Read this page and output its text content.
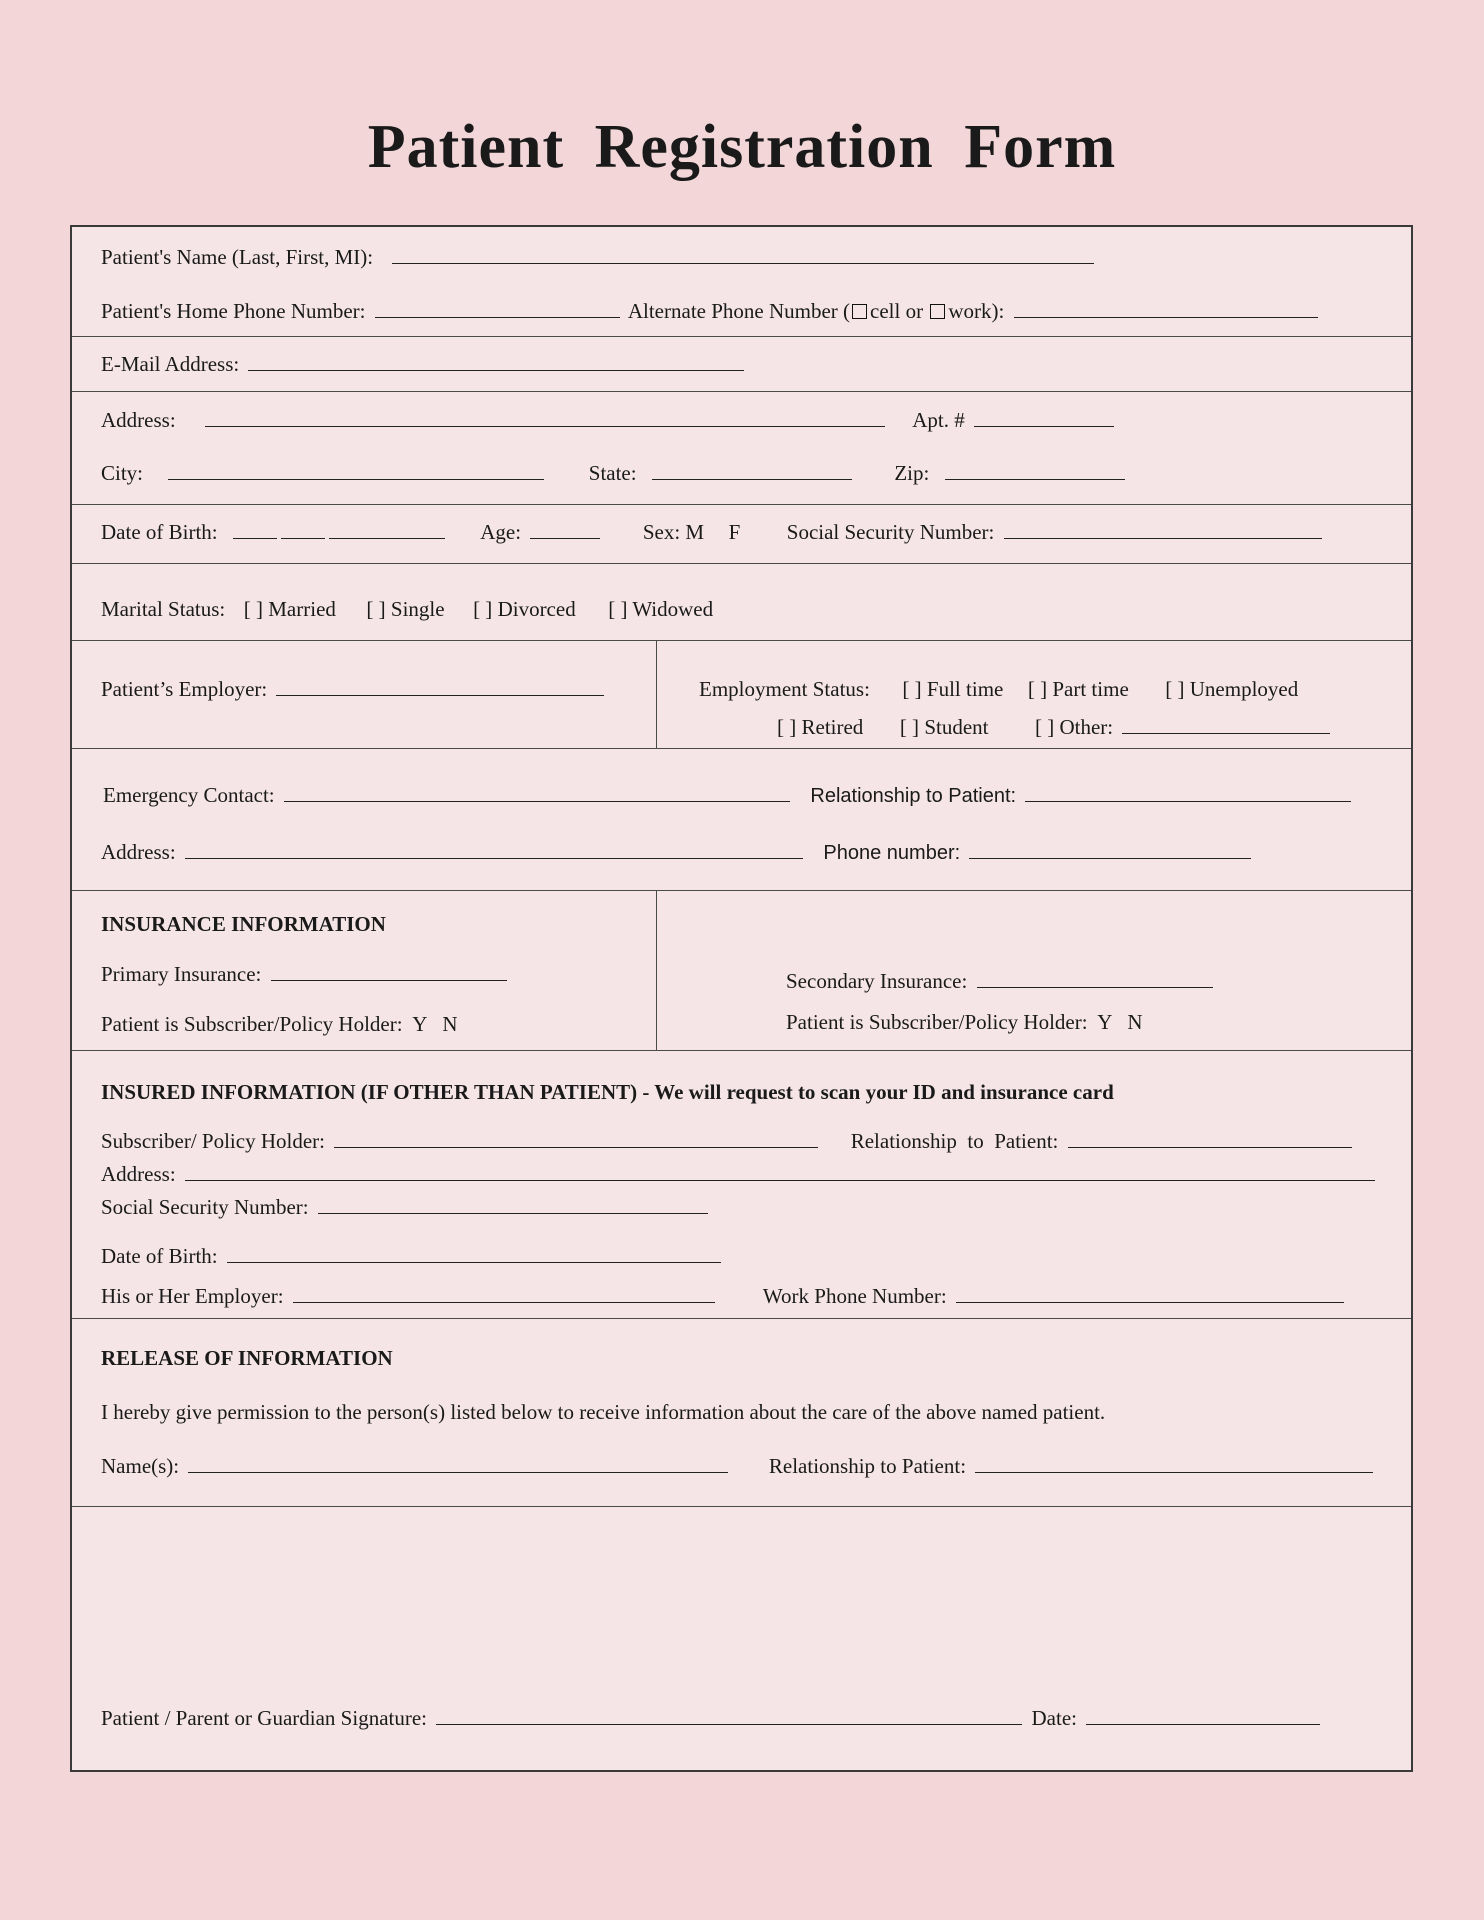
Patient Registration Form
Patient's Name (Last, First, MI):
Patient's Home Phone Number:	Alternate Phone Number ( cell or work):
E-Mail Address:
Address:	Apt. #
City:	State:	Zip:
Date of Birth:	Age:	Sex: M F Social Security Number:
Marital Status: [ ] Married [ ] Single [ ] Divorced [ ] Widowed
Patient’s Employer:	Employment Status: [ ] Full time [ ] Part time [ ] Unemployed
[ ] Retired [ ] Student [ ] Other:
Emergency Contact:	Relationship to Patient:
Address:	Phone number:
INSURANCE INFORMATION
Primary Insurance:
Patient is Subscriber/Policy Holder:  Y   N
Secondary Insurance:
Patient is Subscriber/Policy Holder:  Y   N
INSURED INFORMATION (IF OTHER THAN PATIENT) - We will request to scan your ID and insurance card
Subscriber/ Policy Holder:	Relationship  to  Patient:
Address:
Social Security Number:
Date of Birth:
His or Her Employer:	Work Phone Number:
RELEASE OF INFORMATION
I hereby give permission to the person(s) listed below to receive information about the care of the above named patient.
Name(s):	Relationship to Patient:
Patient / Parent or Guardian Signature:	Date:
